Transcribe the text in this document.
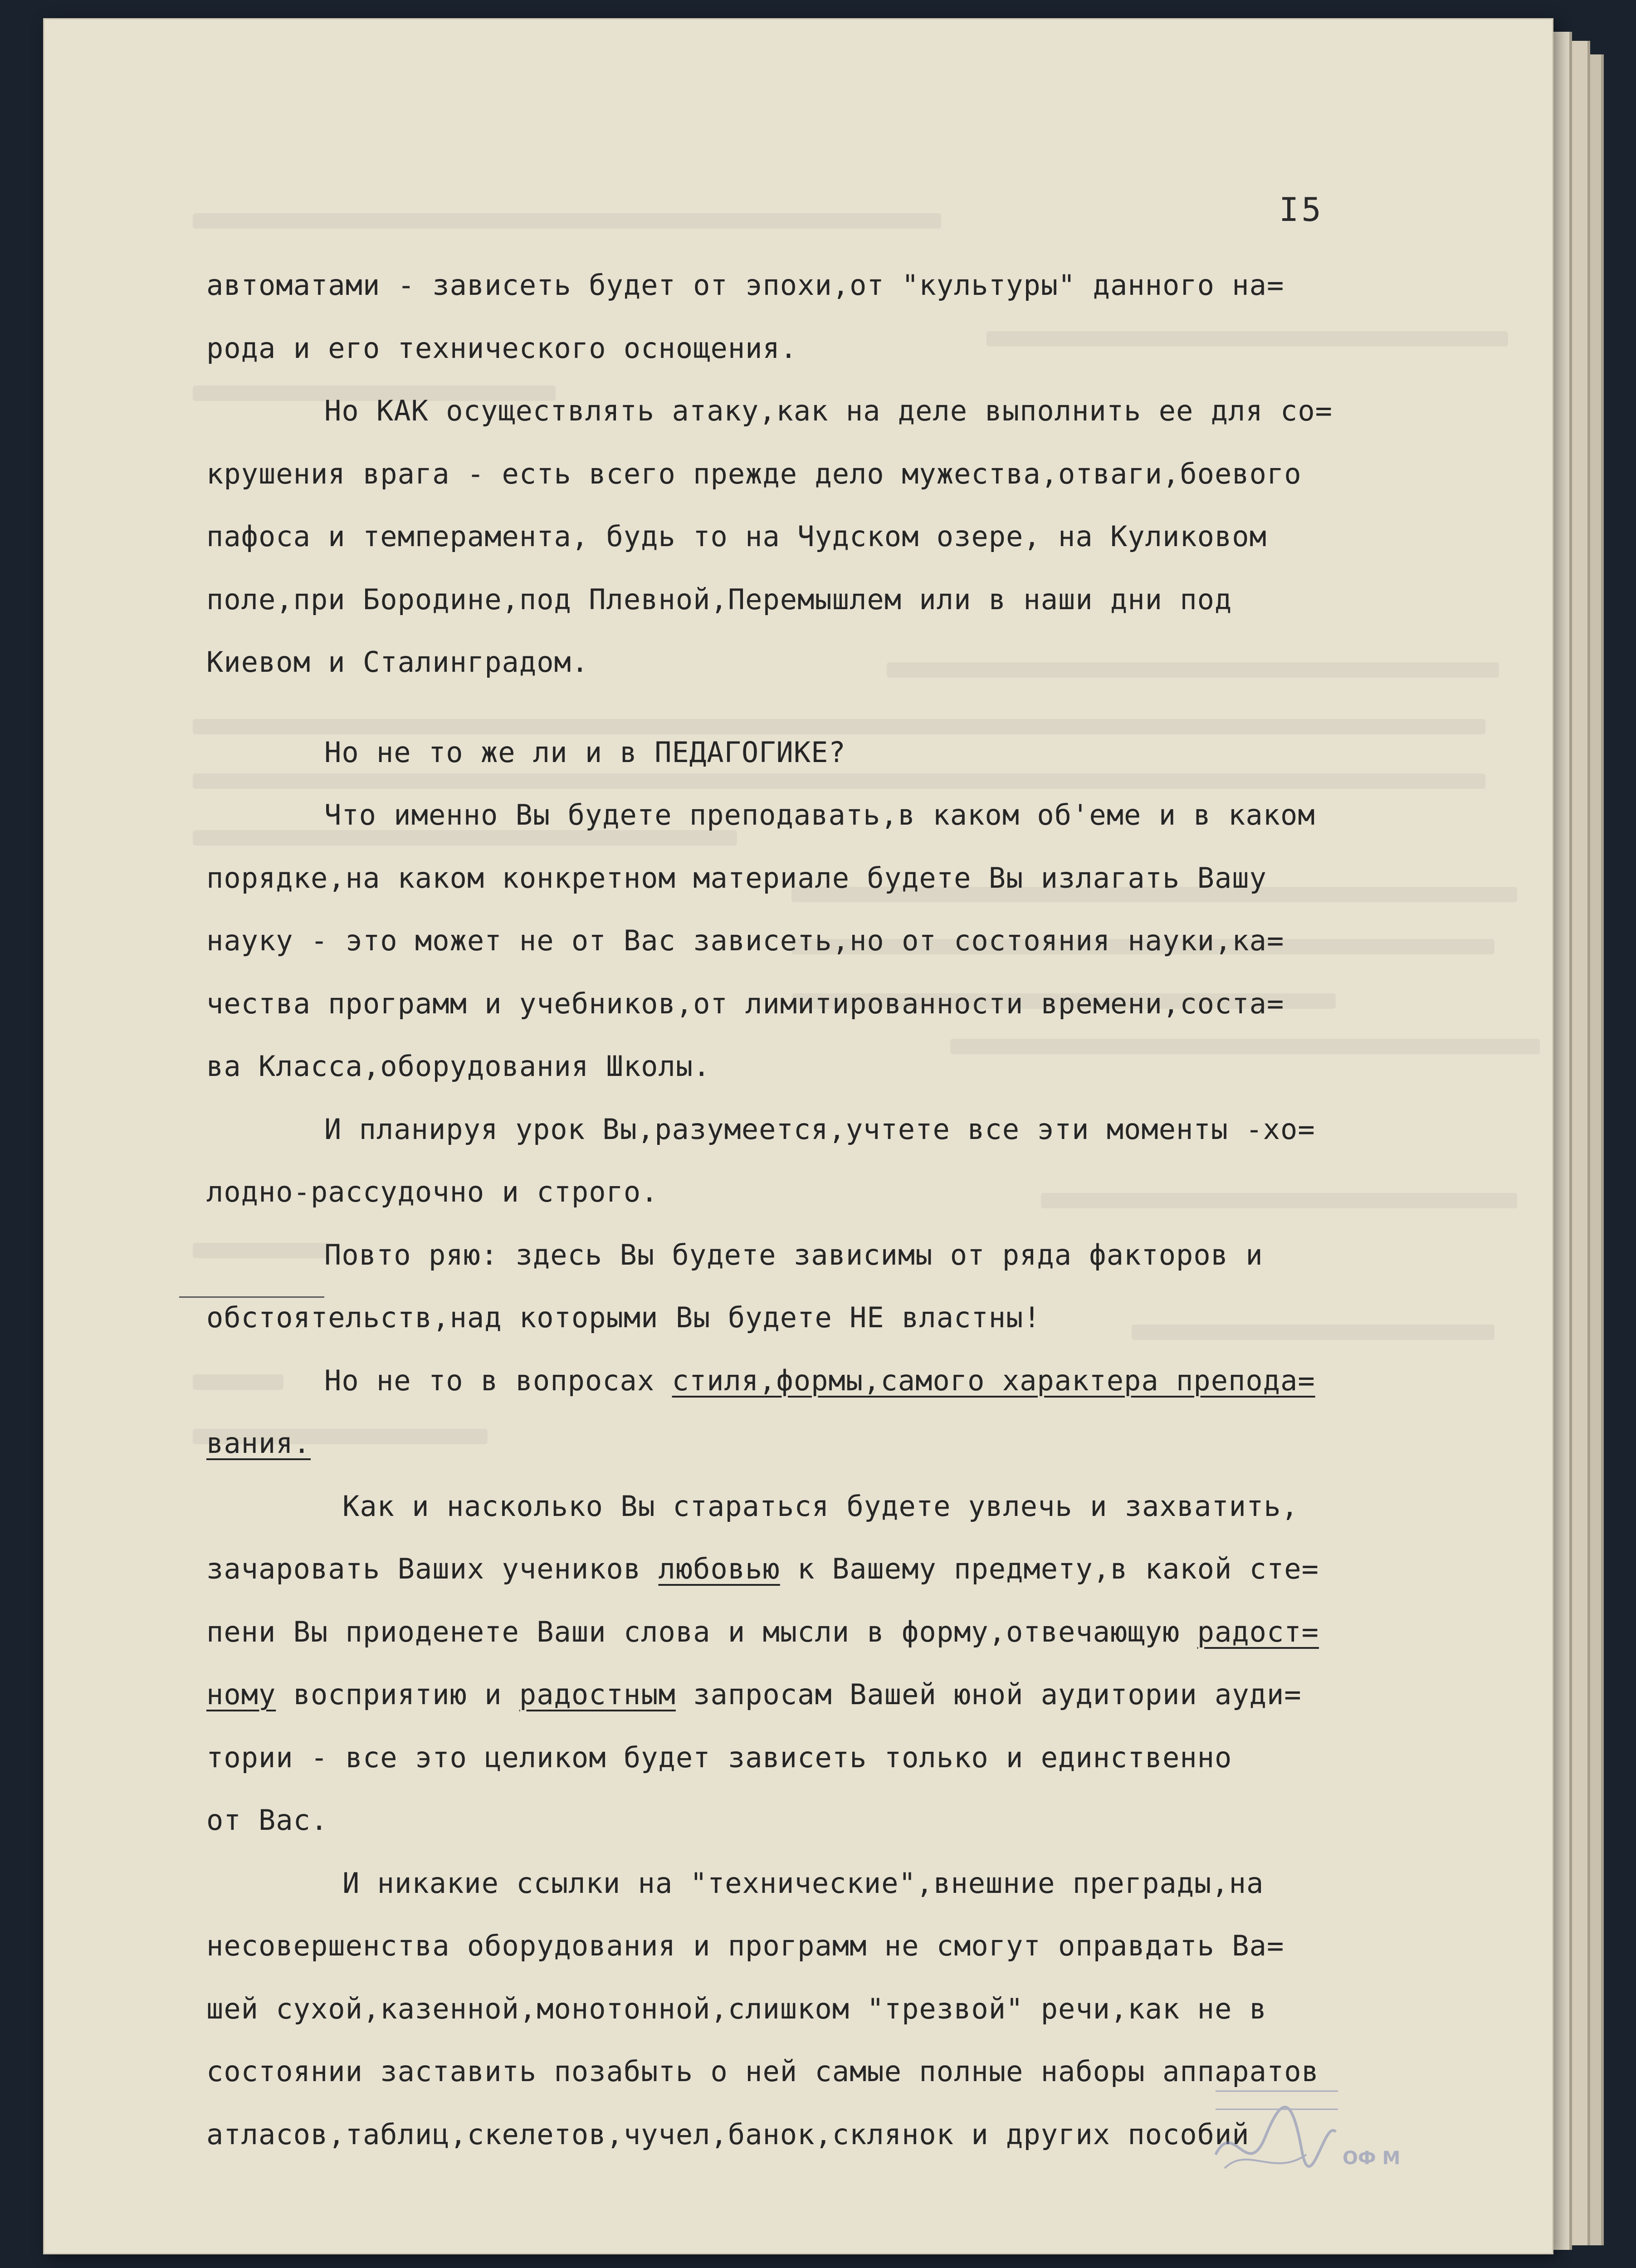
I5
автоматами - зависеть будет от эпохи,от "культуры" данного на=
рода и его технического оснощения.
Но КАК осуществлять атаку,как на деле выполнить ее для со=
крушения врага - есть всего прежде дело мужества,отваги,боевого
пафоса и темперамента, будь то на Чудском озере, на Куликовом
поле,при Бородине,под Плевной,Перемышлем или в наши дни под
Киевом и Сталинградом.
Но не то же ли и в ПЕДАГОГИКЕ?
Что именно Вы будете преподавать,в каком об'еме и в каком
порядке,на каком конкретном материале будете Вы излагать Вашу
науку - это может не от Вас зависеть,но от состояния науки,ка=
чества программ и учебников,от лимитированности времени,соста=
ва Класса,оборудования Школы.
И планируя урок Вы,разумеется,учтете все эти моменты -хо=
лодно-рассудочно и строго.
Повто ряю: здесь Вы будете зависимы от ряда факторов и
обстоятельств,над которыми Вы будете НЕ властны!
Но не то в вопросах стиля,формы,самого характера препода=
вания.
Как и насколько Вы стараться будете увлечь и захватить,
зачаровать Ваших учеников любовью к Вашему предмету,в какой сте=
пени Вы приоденете Ваши слова и мысли в форму,отвечающую радост=
ному восприятию и радостным запросам Вашей юной аудитории ауди=
тории - все это целиком будет зависеть только и единственно
от Вас.
И никакие ссылки на "технические",внешние преграды,на
несовершенства оборудования и программ не смогут оправдать Ва=
шей сухой,казенной,монотонной,слишком "трезвой" речи,как не в
состоянии заставить позабыть о ней самые полные наборы аппаратов
атласов,таблиц,скелетов,чучел,банок,склянок и других пособий
ОФ М
